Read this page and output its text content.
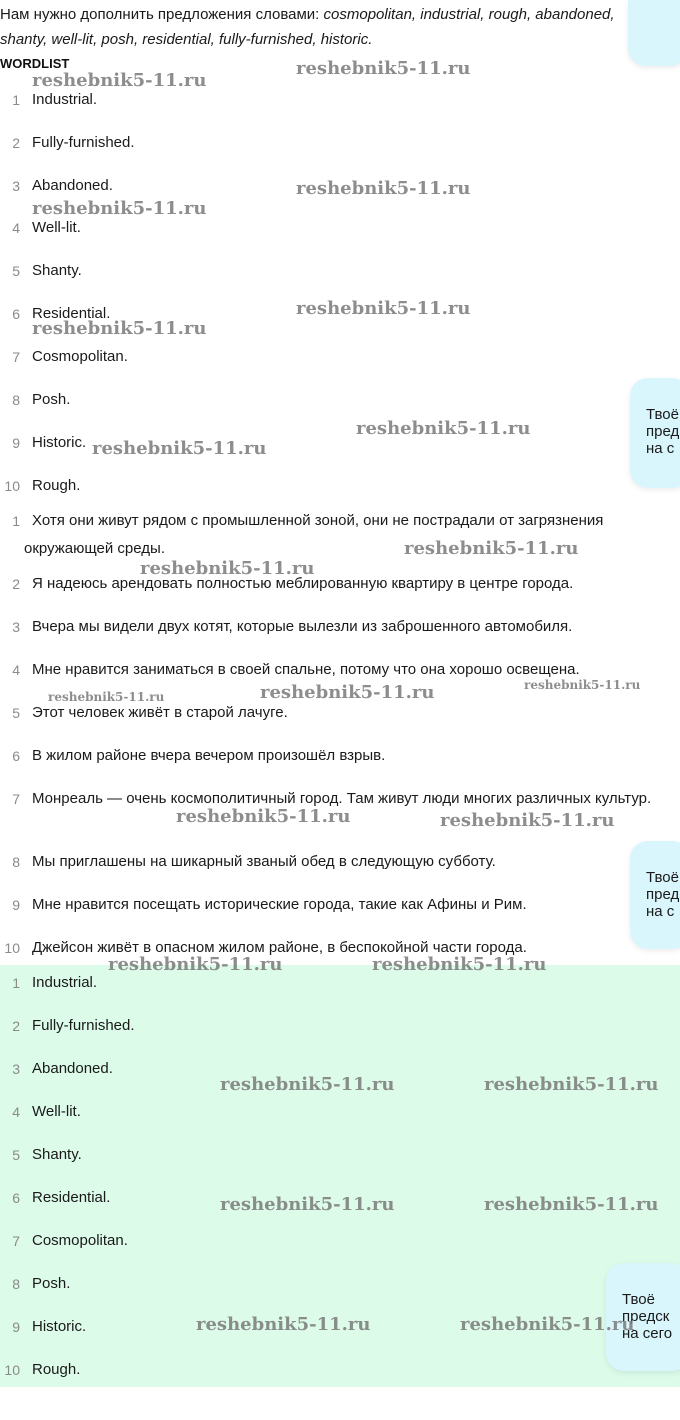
Нам нужно дополнить предложения словами: cosmopolitan, industrial, rough, abandoned, shanty, well-lit, posh, residential, fully-furnished, historic.
WORDLIST
1 Industrial.
2 Fully-furnished.
3 Abandoned.
4 Well-lit.
5 Shanty.
6 Residential.
7 Cosmopolitan.
8 Posh.
9 Historic.
10 Rough.
1 Хотя они живут рядом с промышленной зоной, они не пострадали от загрязнения окружающей среды.
2 Я надеюсь арендовать полностью меблированную квартиру в центре города.
3 Вчера мы видели двух котят, которые вылезли из заброшенного автомобиля.
4 Мне нравится заниматься в своей спальне, потому что она хорошо освещена.
5 Этот человек живёт в старой лачуге.
6 В жилом районе вчера вечером произошёл взрыв.
7 Монреаль — очень космополитичный город. Там живут люди многих различных культур.
8 Мы приглашены на шикарный званый обед в следующую субботу.
9 Мне нравится посещать исторические города, такие как Афины и Рим.
10 Джейсон живёт в опасном жилом районе, в беспокойной части города.
1 Industrial.
2 Fully-furnished.
3 Abandoned.
4 Well-lit.
5 Shanty.
6 Residential.
7 Cosmopolitan.
8 Posh.
9 Historic.
10 Rough.
Твоё
пред
на с
Твоё
пред
на с
Твоё
предск
на сего
reshebnik5-11.ru
reshebnik5-11.ru
reshebnik5-11.ru
reshebnik5-11.ru
reshebnik5-11.ru
reshebnik5-11.ru
reshebnik5-11.ru
reshebnik5-11.ru
reshebnik5-11.ru
reshebnik5-11.ru
reshebnik5-11.ru
reshebnik5-11.ru
reshebnik5-11.ru
reshebnik5-11.ru	reshebnik5-11.ru
reshebnik5-11.ru	reshebnik5-11.ru
reshebnik5-11.ru	reshebnik5-11.ru
reshebnik5-11.ru	reshebnik5-11.ru
reshebnik5-11.ru	reshebnik5-11.ru
